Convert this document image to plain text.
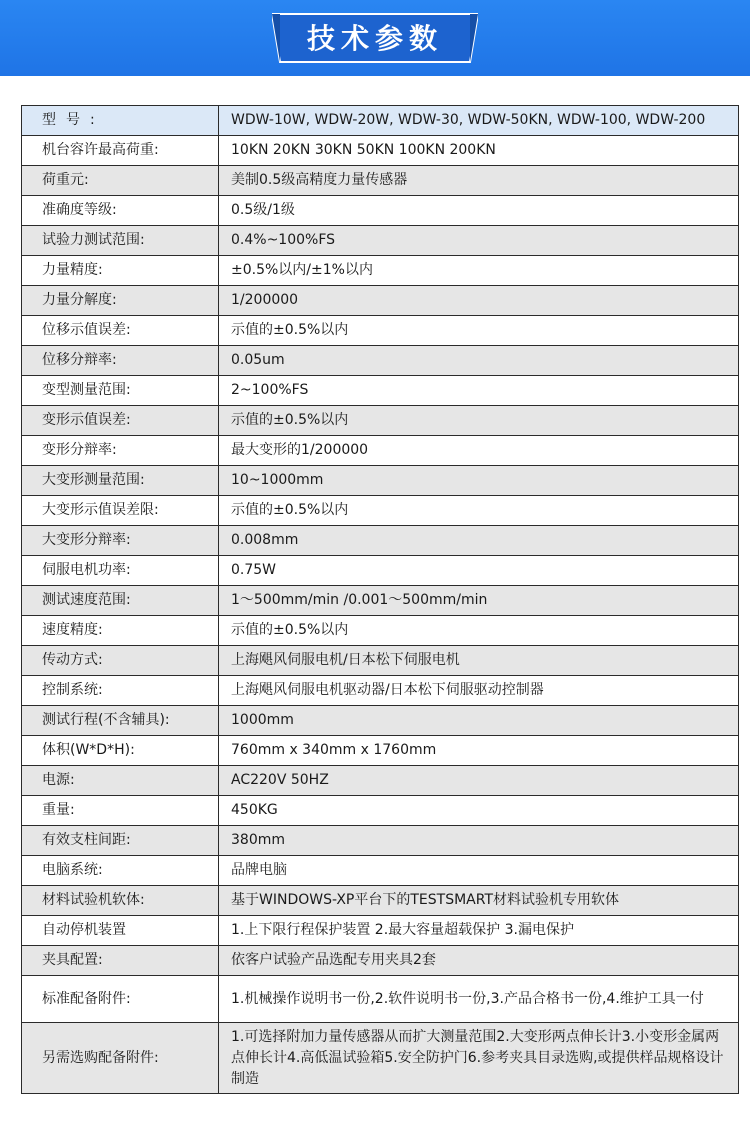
技术参数
型号:	WDW-10W, WDW-20W, WDW-30, WDW-50KN, WDW-100, WDW-200
机台容许最高荷重:	10KN 20KN 30KN 50KN 100KN 200KN
荷重元:	美制0.5级高精度力量传感器
准确度等级:	0.5级/1级
试验力测试范围:	0.4%~100%FS
力量精度:	±0.5%以内/±1%以内
力量分解度:	1/200000
位移示值误差:	示值的±0.5%以内
位移分辩率:	0.05um
变型测量范围:	2~100%FS
变形示值误差:	示值的±0.5%以内
变形分辩率:	最大变形的1/200000
大变形测量范围:	10~1000mm
大变形示值误差限:	示值的±0.5%以内
大变形分辩率:	0.008mm
伺服电机功率:	0.75W
测试速度范围:	1～500mm/min /0.001～500mm/min
速度精度:	示值的±0.5%以内
传动方式:	上海飓风伺服电机/日本松下伺服电机
控制系统:	上海飓风伺服电机驱动器/日本松下伺服驱动控制器
测试行程(不含辅具):	1000mm
体积(W*D*H):	760mm x 340mm x 1760mm
电源:	AC220V 50HZ
重量:	450KG
有效支柱间距:	380mm
电脑系统:	品牌电脑
材料试验机软体:	基于WINDOWS-XP平台下的TESTSMART材料试验机专用软体
自动停机装置	1.上下限行程保护装置 2.最大容量超载保护 3.漏电保护
夹具配置:	依客户试验产品选配专用夹具2套
标准配备附件:	1.机械操作说明书一份,2.软件说明书一份,3.产品合格书一份,4.维护工具一付
另需选购配备附件:	1.可选择附加力量传感器从而扩大测量范围2.大变形两点伸长计3.小变形金属两点伸长计4.高低温试验箱5.安全防护门6.参考夹具目录选购,或提供样品规格设计制造
